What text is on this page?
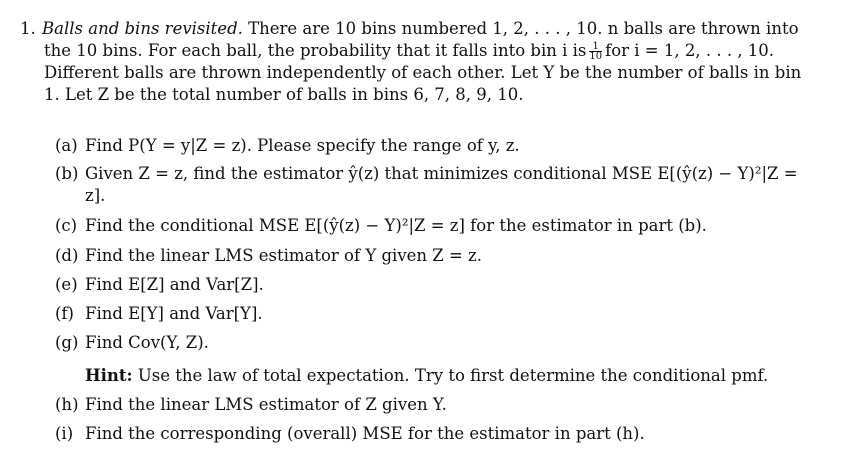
1. Balls and bins revisited. There are 10 bins numbered 1, 2, . . . , 10. n balls are thrown into
the 10 bins. For each ball, the probability that it falls into bin i is $\frac{1}{10}$ for i = 1, 2, . . . , 10.
Different balls are thrown independently of each other. Let Y be the number of balls in bin
1. Let Z be the total number of balls in bins 6, 7, 8, 9, 10.
(a) Find P(Y = y|Z = z). Please specify the range of y, z.
(b) Given Z = z, find the estimator ŷ(z) that minimizes conditional MSE E[(ŷ(z) − Y)²|Z =
z].
(c) Find the conditional MSE E[(ŷ(z) − Y)²|Z = z] for the estimator in part (b).
(d) Find the linear LMS estimator of Y given Z = z.
(e) Find E[Z] and Var[Z].
(f) Find E[Y] and Var[Y].
(g) Find Cov(Y, Z).
(h) Find the linear LMS estimator of Z given Y.
(i) Find the corresponding (overall) MSE for the estimator in part (h).
Hint: Use the law of total expectation. Try to first determine the conditional pmf.
